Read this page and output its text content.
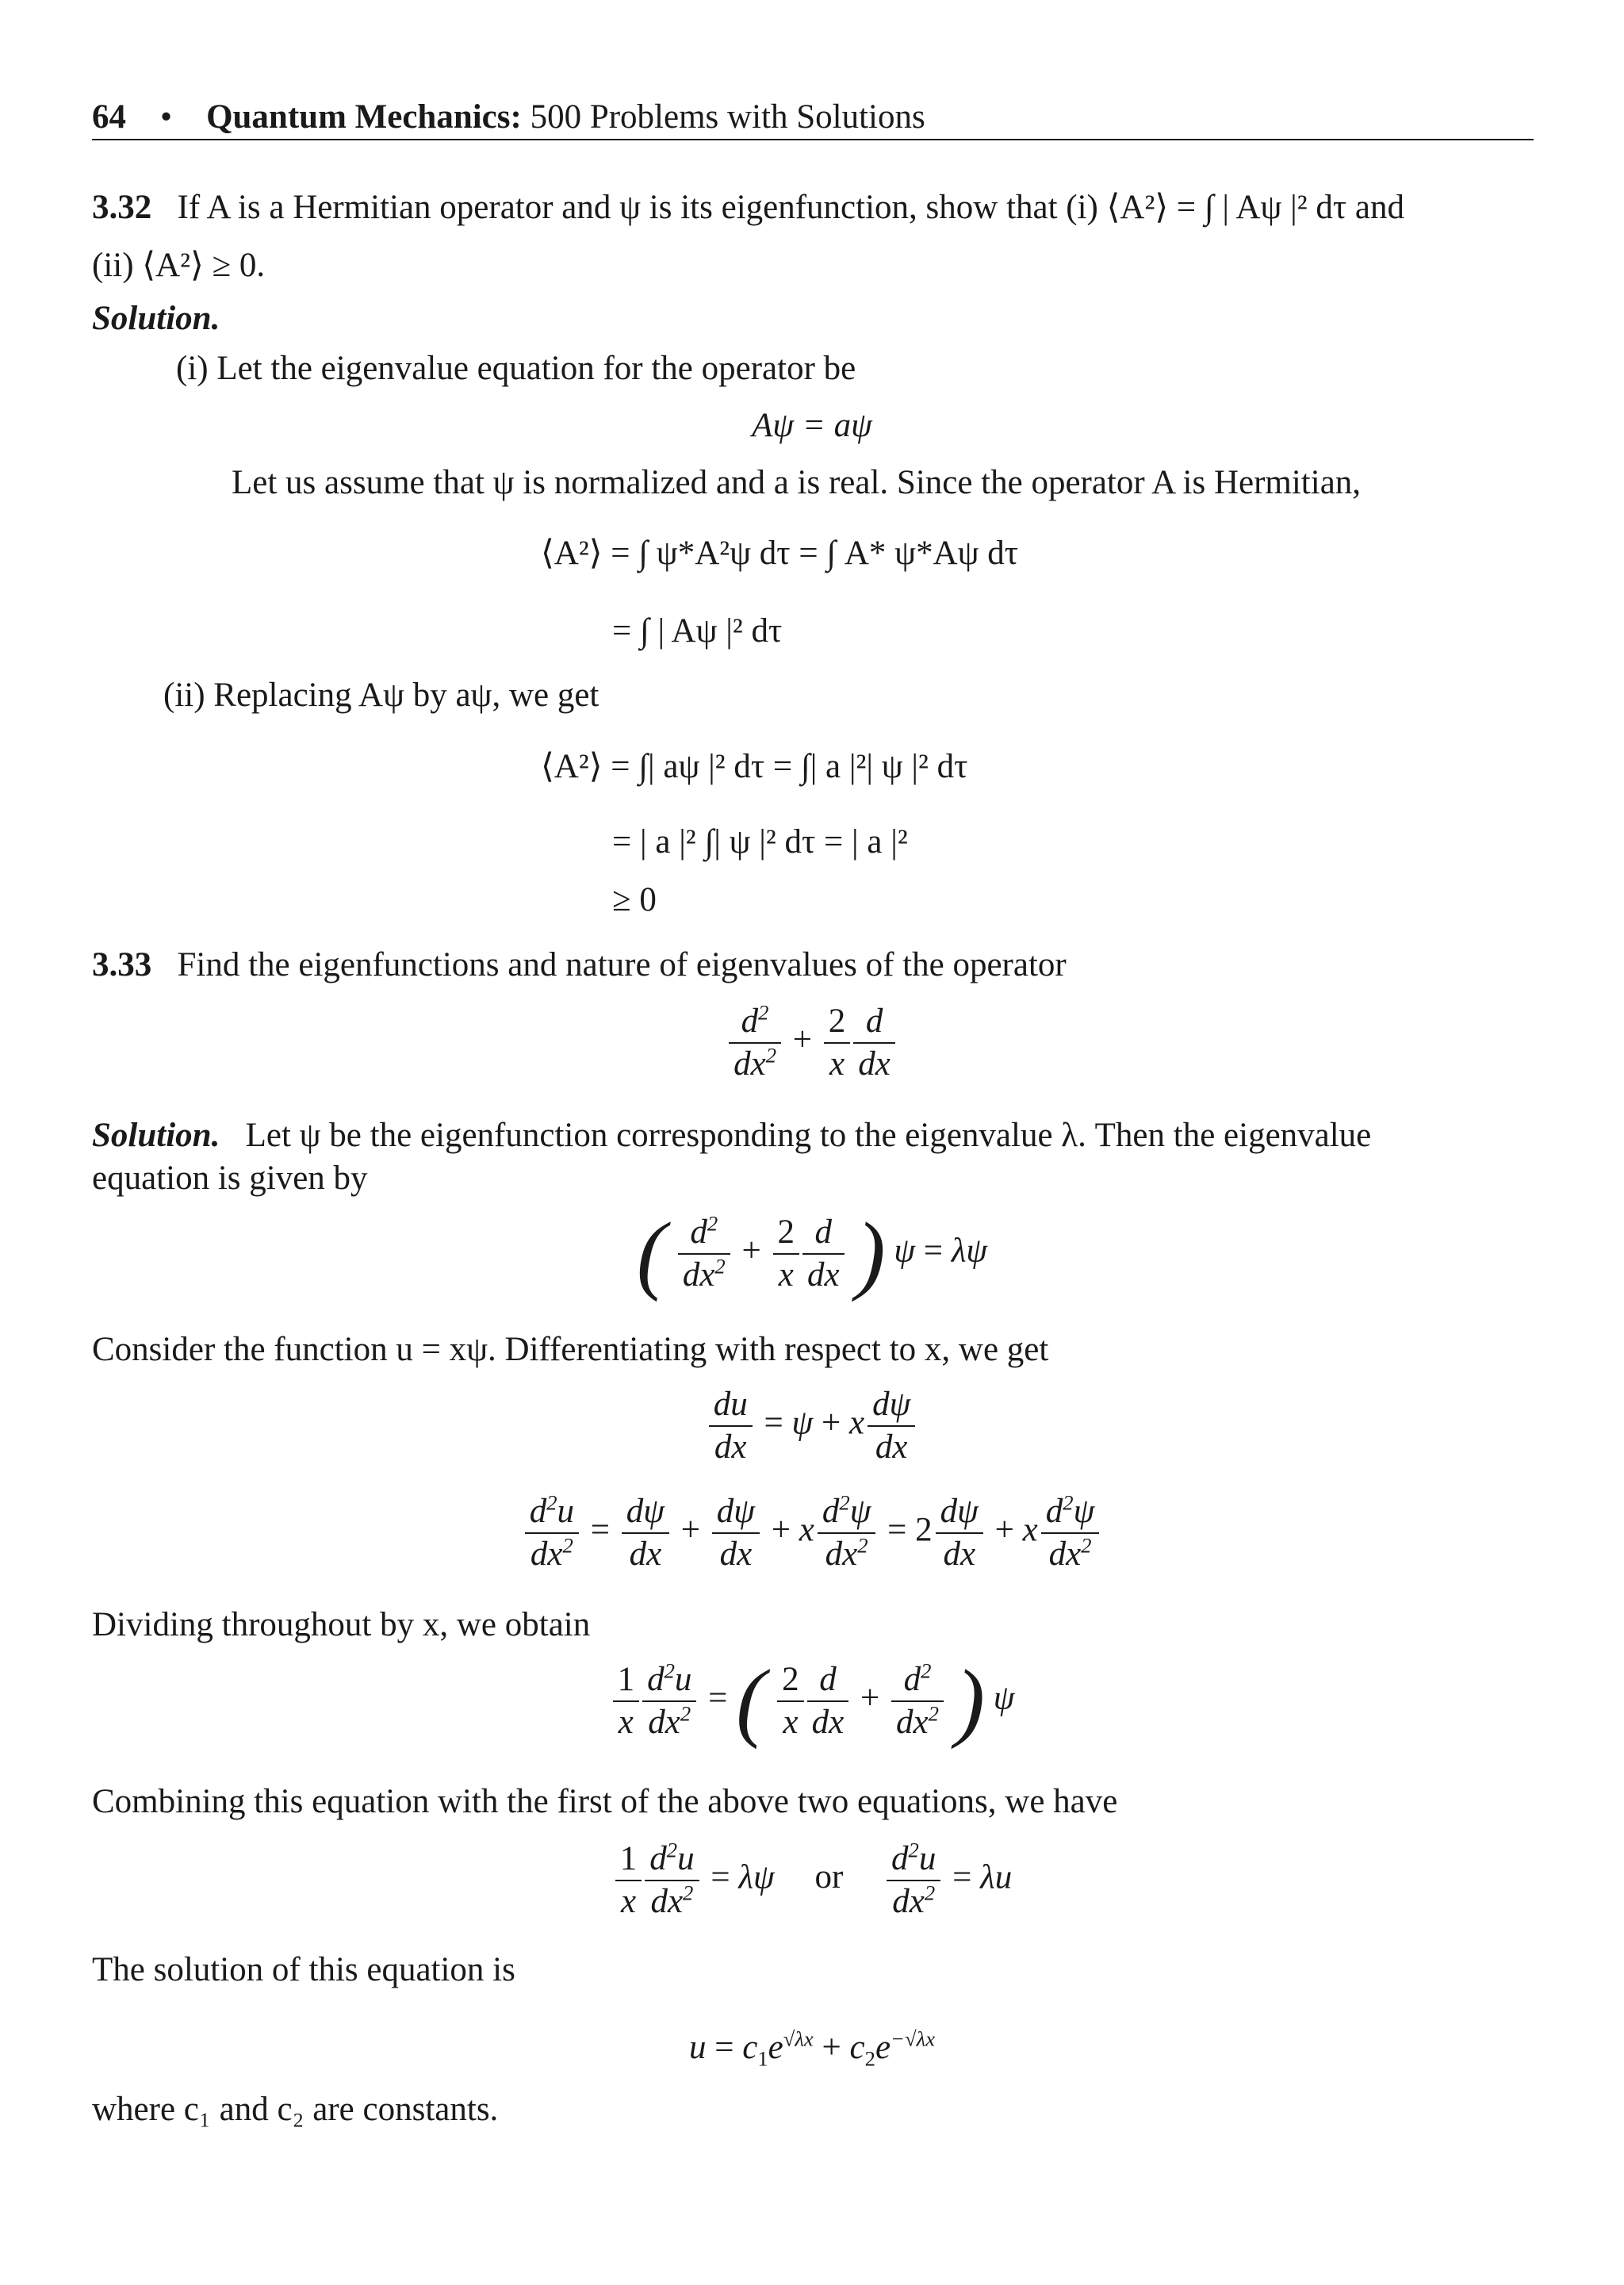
64 • Quantum Mechanics: 500 Problems with Solutions
3.32 If A is a Hermitian operator and ψ is its eigenfunction, show that (i) ⟨A²⟩ = ∫ | Aψ |² dτ and
(ii) ⟨A²⟩ ≥ 0.
Solution.
(i) Let the eigenvalue equation for the operator be
Aψ = aψ
Let us assume that ψ is normalized and a is real. Since the operator A is Hermitian,
⟨A²⟩ = ∫ ψ*A²ψ dτ = ∫ A* ψ*Aψ dτ
= ∫ | Aψ |² dτ
(ii) Replacing Aψ by aψ, we get
⟨A²⟩ = ∫| aψ |² dτ = ∫| a |²| ψ |² dτ
= | a |² ∫| ψ |² dτ = | a |²
≥ 0
3.33 Find the eigenfunctions and nature of eigenvalues of the operator
$\frac{d^2}{dx^2} + \frac{2}{x} \frac{d}{dx}$
Solution. Let ψ be the eigenfunction corresponding to the eigenvalue λ. Then the eigenvalue
equation is given by
( $\frac{d^2}{dx^2} + \frac{2}{x} \frac{d}{dx}$ ) ψ = λψ
Consider the function u = xψ. Differentiating with respect to x, we get
$\frac{du}{dx} = \psi + x \frac{d\psi}{dx}$
$\frac{d^2u}{dx^2} = \frac{d\psi}{dx} + \frac{d\psi}{dx} + x \frac{d^2\psi}{dx^2} = 2 \frac{d\psi}{dx} + x \frac{d^2\psi}{dx^2}$
Dividing throughout by x, we obtain
$\frac{1}{x} \frac{d^2u}{dx^2}$ = ( $\frac{2}{x} \frac{d}{dx} + \frac{d^2}{dx^2}$ ) ψ
Combining this equation with the first of the above two equations, we have
$\frac{1}{x} \frac{d^2u}{dx^2} = \lambda\psi$ or $\frac{d^2u}{dx^2} = \lambda u$
The solution of this equation is
$u = c_1e^{√\lambda x} + c_2e^{-√\lambda x}$
where c₁ and c₂ are constants.
